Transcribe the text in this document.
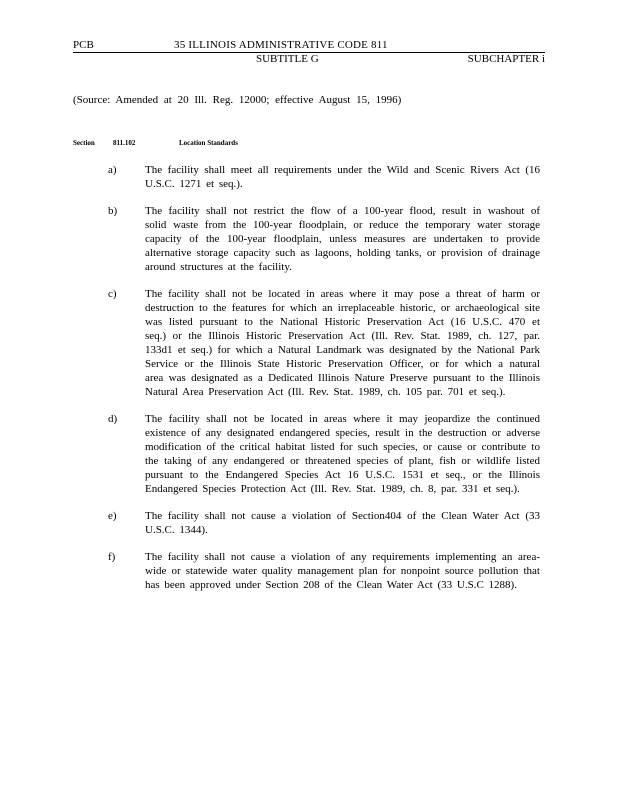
PCB	35 ILLINOIS ADMINISTRATIVE CODE 811
SUBTITLE G	SUBCHAPTER i
(Source: Amended at 20 Ill. Reg. 12000; effective August 15, 1996)
Section	811.102	Location Standards
a)	The facility shall meet all requirements under the Wild and Scenic Rivers Act (16 U.S.C. 1271 et seq.).
b)	The facility shall not restrict the flow of a 100-year flood, result in washout of solid waste from the 100-year floodplain, or reduce the temporary water storage capacity of the 100-year floodplain, unless measures are undertaken to provide alternative storage capacity such as lagoons, holding tanks, or provision of drainage around structures at the facility.
c)	The facility shall not be located in areas where it may pose a threat of harm or destruction to the features for which an irreplaceable historic, or archaeological site was listed pursuant to the National Historic Preservation Act (16 U.S.C. 470 et seq.) or the Illinois Historic Preservation Act (Ill. Rev. Stat. 1989, ch. 127, par. 133d1 et seq.) for which a Natural Landmark was designated by the National Park Service or the Illinois State Historic Preservation Officer, or for which a natural area was designated as a Dedicated Illinois Nature Preserve pursuant to the Illinois Natural Area Preservation Act (Ill. Rev. Stat. 1989, ch. 105 par. 701 et seq.).
d)	The facility shall not be located in areas where it may jeopardize the continued existence of any designated endangered species, result in the destruction or adverse modification of the critical habitat listed for such species, or cause or contribute to the taking of any endangered or threatened species of plant, fish or wildlife listed pursuant to the Endangered Species Act 16 U.S.C. 1531 et seq., or the Illinois Endangered Species Protection Act (Ill. Rev. Stat. 1989, ch. 8, par. 331 et seq.).
e)	The facility shall not cause a violation of Section404 of the Clean Water Act (33 U.S.C. 1344).
f)	The facility shall not cause a violation of any requirements implementing an area-wide or statewide water quality management plan for nonpoint source pollution that has been approved under Section 208 of the Clean Water Act (33 U.S.C 1288).
